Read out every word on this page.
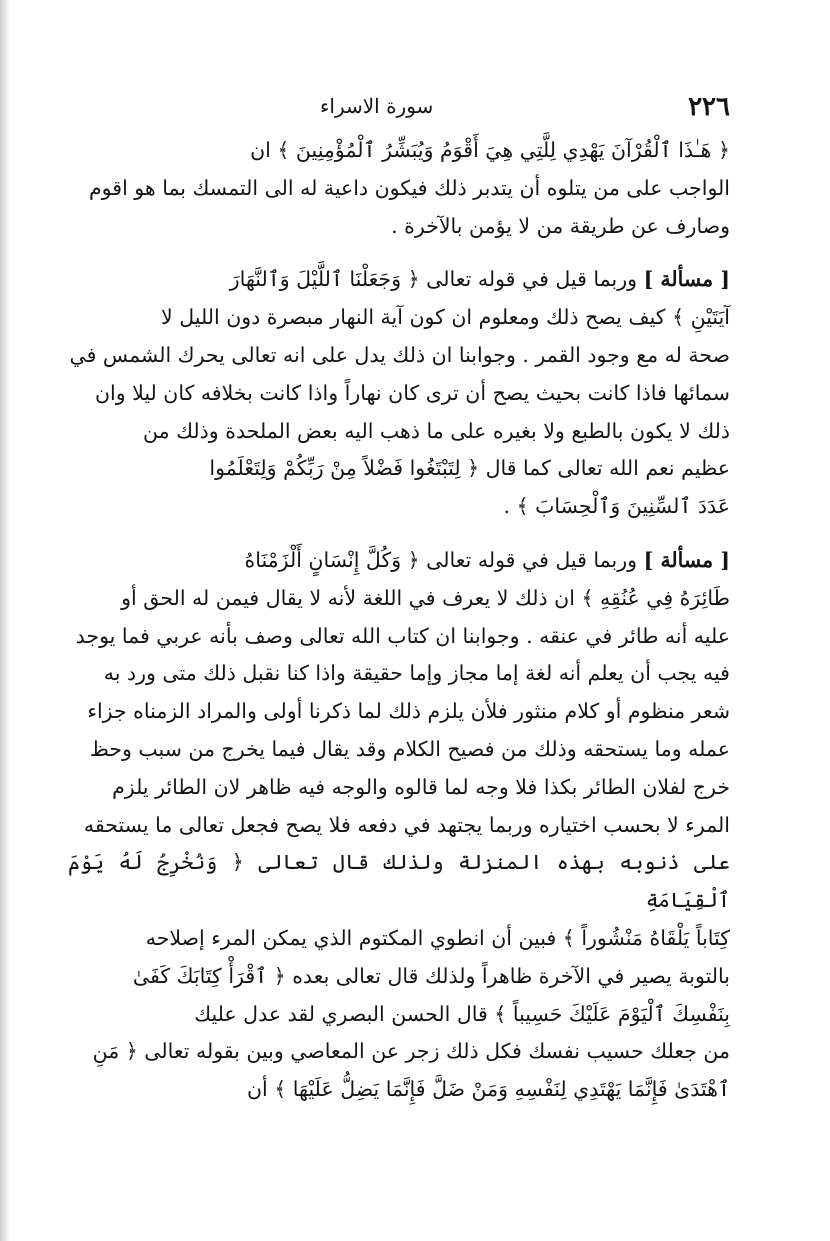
٢٢٦
سورة الاسراء

﴿ هَـٰذَا ٱلْقُرْآنَ يَهْدِي لِلَّتِي هِيَ أَقْوَمُ وَيُبَشِّرُ ٱلْمُؤْمِنِينَ ﴾ ان

الواجب على من يتلوه أن يتدبر ذلك فيكون داعية له الى التمسك بما هو اقوم

وصارف عن طريقة من لا يؤمن بالآخرة .

[ مسألة ] وربما قيل في قوله تعالى ﴿ وَجَعَلْنَا ٱللَّيْلَ وَٱلنَّهَارَ

آيَتَيْنِ ﴾ كيف يصح ذلك ومعلوم ان كون آية النهار مبصرة دون الليل لا

صحة له مع وجود القمر . وجوابنا ان ذلك يدل على انه تعالى يحرك الشمس في

سمائها فاذا كانت بحيث يصح أن ترى كان نهاراً واذا كانت بخلافه كان ليلا وان

ذلك لا يكون بالطبع ولا بغيره على ما ذهب اليه بعض الملحدة وذلك من

عظيم نعم الله تعالى كما قال ﴿ لِتَبْتَغُوا فَضْلاً مِنْ رَبِّكُمْ وَلِتَعْلَمُوا

عَدَدَ ٱلسِّنِينَ وَٱلْحِسَابَ ﴾ .

[ مسألة ] وربما قيل في قوله تعالى ﴿ وَكُلَّ إِنْسَانٍ أَلْزَمْنَاهُ

طَائِرَهُ فِي عُنُقِهِ ﴾ ان ذلك لا يعرف في اللغة لأنه لا يقال فيمن له الحق أو

عليه أنه طائر في عنقه . وجوابنا ان كتاب الله تعالى وصف بأنه عربي فما يوجد

فيه يجب أن يعلم أنه لغة إما مجاز وإما حقيقة واذا كنا نقبل ذلك متى ورد به

شعر منظوم أو كلام منثور فلأن يلزم ذلك لما ذكرنا أولى والمراد الزمناه جزاء

عمله وما يستحقه وذلك من فصيح الكلام وقد يقال فيما يخرج من سبب وحظ

خرج لفلان الطائر بكذا فلا وجه لما قالوه والوجه فيه ظاهر لان الطائر يلزم

المرء لا بحسب اختياره وربما يجتهد في دفعه فلا يصح فجعل تعالى ما يستحقه

على ذنوبه بهذه المنزلة ولذلك قال تعالى ﴿ وَنُخْرِجُ لَهُ يَوْمَ ٱلْقِيَامَةِ

كِتَاباً يَلْقَاهُ مَنْشُوراً ﴾ فبين أن انطوي المكتوم الذي يمكن المرء إصلاحه

بالتوبة يصير في الآخرة ظاهراً ولذلك قال تعالى بعده ﴿ ٱقْرَأْ كِتَابَكَ كَفَىٰ

بِنَفْسِكَ ٱلْيَوْمَ عَلَيْكَ حَسِيباً ﴾ قال الحسن البصري لقد عدل عليك

من جعلك حسيب نفسك فكل ذلك زجر عن المعاصي وبين بقوله تعالى ﴿ مَنِ

ٱهْتَدَىٰ فَإِنَّمَا يَهْتَدِي لِنَفْسِهِ وَمَنْ ضَلَّ فَإِنَّمَا يَضِلُّ عَلَيْهَا ﴾ أن
